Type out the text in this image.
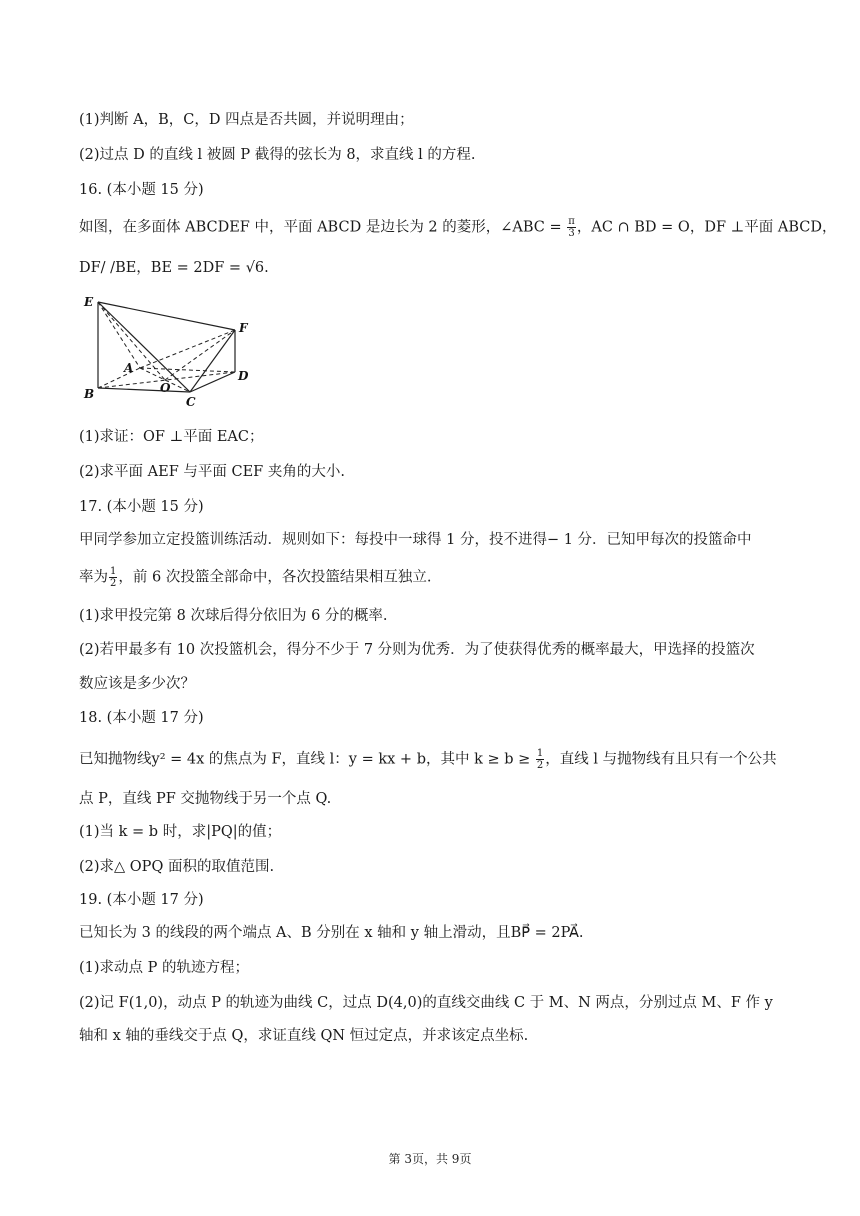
(1)判断 A，B，C，D 四点是否共圆，并说明理由；
(2)过点 D 的直线 l 被圆 P 截得的弦长为 8，求直线 l 的方程.
16. (本小题 15 分)
如图，在多面体 ABCDEF 中，平面 ABCD 是边长为 2 的菱形，∠ABC = $\frac{\pi}{3}$ ，AC ∩ BD = O，DF ⊥平面 ABCD，
DF/ /BE，BE = 2DF = √6.
E
F
A
O
D
B
C
(1)求证：OF ⊥平面 EAC；
(2)求平面 AEF 与平面 CEF 夹角的大小.
17. (本小题 15 分)
甲同学参加立定投篮训练活动．规则如下：每投中一球得 1 分，投不进得− 1 分．已知甲每次的投篮命中
率为 $\frac{1}{2}$ ，前 6 次投篮全部命中，各次投篮结果相互独立.
(1)求甲投完第 8 次球后得分依旧为 6 分的概率.
(2)若甲最多有 10 次投篮机会，得分不少于 7 分则为优秀．为了使获得优秀的概率最大，甲选择的投篮次
数应该是多少次？
18. (本小题 17 分)
已知抛物线y² = 4x 的焦点为 F，直线 l：y = kx + b，其中 $k \ge b \ge \frac{1}{2}$ ，直线 l 与抛物线有且只有一个公共
点 P，直线 PF 交抛物线于另一个点 Q.
(1)当 k = b 时，求|PQ|的值；
(2)求△ OPQ 面积的取值范围.
19. (本小题 17 分)
已知长为 3 的线段的两个端点 A、B 分别在 x 轴和 y 轴上滑动，且BP⃗ = 2PA⃗.
(1)求动点 P 的轨迹方程；
(2)记 F(1,0)，动点 P 的轨迹为曲线 C，过点 D(4,0)的直线交曲线 C 于 M、N 两点，分别过点 M、F 作 y
轴和 x 轴的垂线交于点 Q，求证直线 QN 恒过定点，并求该定点坐标.
第 3页，共 9页
